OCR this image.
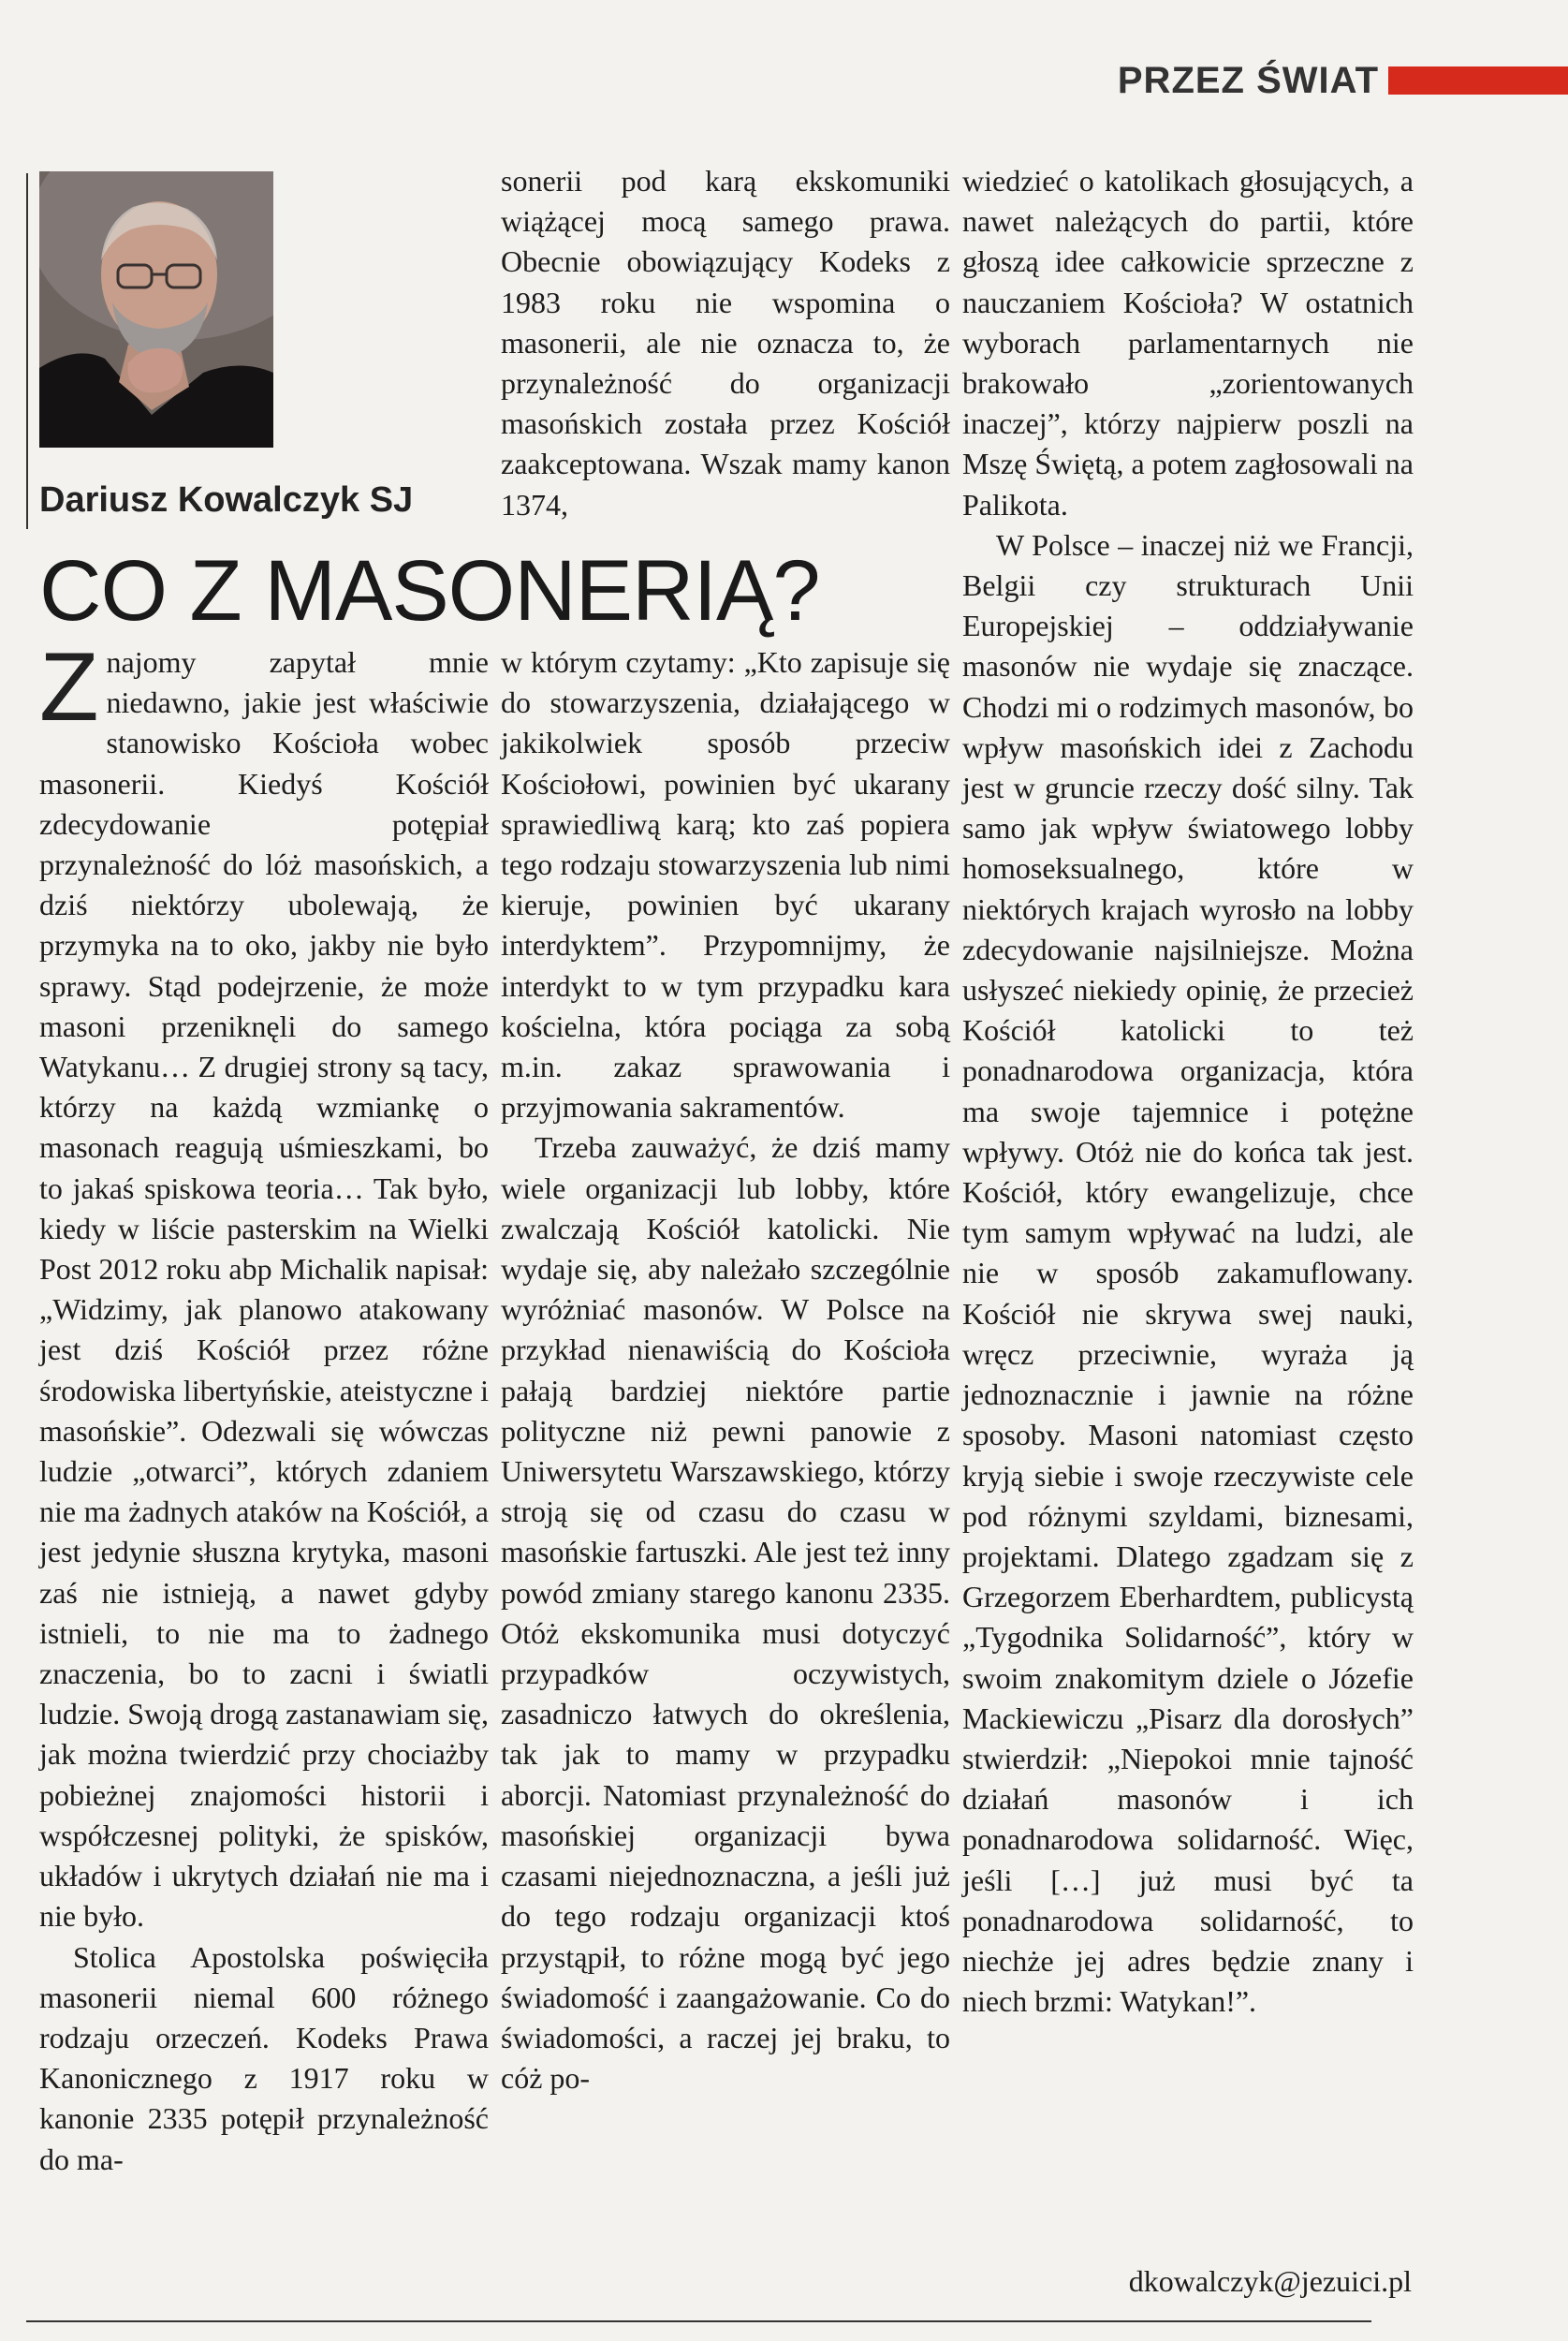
PRZEZ ŚWIAT
Dariusz Kowalczyk SJ
CO Z MASONERIĄ?

Znajomy zapytał mnie niedawno, jakie jest właściwie stanowisko Kościoła wobec masonerii. Kiedyś Kościół zdecydowanie potępiał przynależność do lóż masońskich, a dziś niektórzy ubolewają, że przymyka na to oko, jakby nie było sprawy. Stąd podejrzenie, że może masoni przeniknęli do samego Watykanu… Z drugiej strony są tacy, którzy na każdą wzmiankę o masonach reagują uśmieszkami, bo to jakaś spiskowa teoria… Tak było, kiedy w liście pasterskim na Wielki Post 2012 roku abp Michalik napisał: „Widzimy, jak planowo atakowany jest dziś Kościół przez różne środowiska libertyńskie, ateistyczne i masońskie”. Odezwali się wówczas ludzie „otwarci”, których zdaniem nie ma żadnych ataków na Kościół, a jest jedynie słuszna krytyka, masoni zaś nie istnieją, a nawet gdyby istnieli, to nie ma to żadnego znaczenia, bo to zacni i światli ludzie. Swoją drogą zastanawiam się, jak można twierdzić przy chociażby pobieżnej znajomości historii i współczesnej polityki, że spisków, układów i ukrytych działań nie ma i nie było.

Stolica Apostolska poświęciła masonerii niemal 600 różnego rodzaju orzeczeń. Kodeks Prawa Kanonicznego z 1917 roku w kanonie 2335 potępił przynależność do ma-

sonerii pod karą ekskomuniki wiążącej mocą samego prawa. Obecnie obowiązujący Kodeks z 1983 roku nie wspomina o masonerii, ale nie oznacza to, że przynależność do organizacji masońskich została przez Kościół zaakceptowana. Wszak mamy kanon 1374,

w którym czytamy: „Kto zapisuje się do stowarzyszenia, działającego w jakikolwiek sposób przeciw Kościołowi, powinien być ukarany sprawiedliwą karą; kto zaś popiera tego rodzaju stowarzyszenia lub nimi kieruje, powinien być ukarany interdyktem”. Przypomnijmy, że interdykt to w tym przypadku kara kościelna, która pociąga za sobą m.in. zakaz sprawowania i przyjmowania sakramentów.

Trzeba zauważyć, że dziś mamy wiele organizacji lub lobby, które zwalczają Kościół katolicki. Nie wydaje się, aby należało szczególnie wyróżniać masonów. W Polsce na przykład nienawiścią do Kościoła pałają bardziej niektóre partie polityczne niż pewni panowie z Uniwersytetu Warszawskiego, którzy stroją się od czasu do czasu w masońskie fartuszki. Ale jest też inny powód zmiany starego kanonu 2335. Otóż ekskomunika musi dotyczyć przypadków oczywistych, zasadniczo łatwych do określenia, tak jak to mamy w przypadku aborcji. Natomiast przynależność do masońskiej organizacji bywa czasami niejednoznaczna, a jeśli już do tego rodzaju organizacji ktoś przystąpił, to różne mogą być jego świadomość i zaangażowanie. Co do świadomości, a raczej jej braku, to cóż po-

wiedzieć o katolikach głosujących, a nawet należących do partii, które głoszą idee całkowicie sprzeczne z nauczaniem Kościoła? W ostatnich wyborach parlamentarnych nie brakowało „zorientowanych inaczej”, którzy najpierw poszli na Mszę Świętą, a potem zagłosowali na Palikota.

W Polsce – inaczej niż we Francji, Belgii czy strukturach Unii Europejskiej – oddziaływanie masonów nie wydaje się znaczące. Chodzi mi o rodzimych masonów, bo wpływ masońskich idei z Zachodu jest w gruncie rzeczy dość silny. Tak samo jak wpływ światowego lobby homoseksualnego, które w niektórych krajach wyrosło na lobby zdecydowanie najsilniejsze. Można usłyszeć niekiedy opinię, że przecież Kościół katolicki to też ponadnarodowa organizacja, która ma swoje tajemnice i potężne wpływy. Otóż nie do końca tak jest. Kościół, który ewangelizuje, chce tym samym wpływać na ludzi, ale nie w sposób zakamuflowany. Kościół nie skrywa swej nauki, wręcz przeciwnie, wyraża ją jednoznacznie i jawnie na różne sposoby. Masoni natomiast często kryją siebie i swoje rzeczywiste cele pod różnymi szyldami, biznesami, projektami. Dlatego zgadzam się z Grzegorzem Eberhardtem, publicystą „Tygodnika Solidarność”, który w swoim znakomitym dziele o Józefie Mackiewiczu „Pisarz dla dorosłych” stwierdził: „Niepokoi mnie tajność działań masonów i ich ponadnarodowa solidarność. Więc, jeśli […] już musi być ta ponadnarodowa solidarność, to niechże jej adres będzie znany i niech brzmi: Watykan!”.

dkowalczyk@jezuici.pl
